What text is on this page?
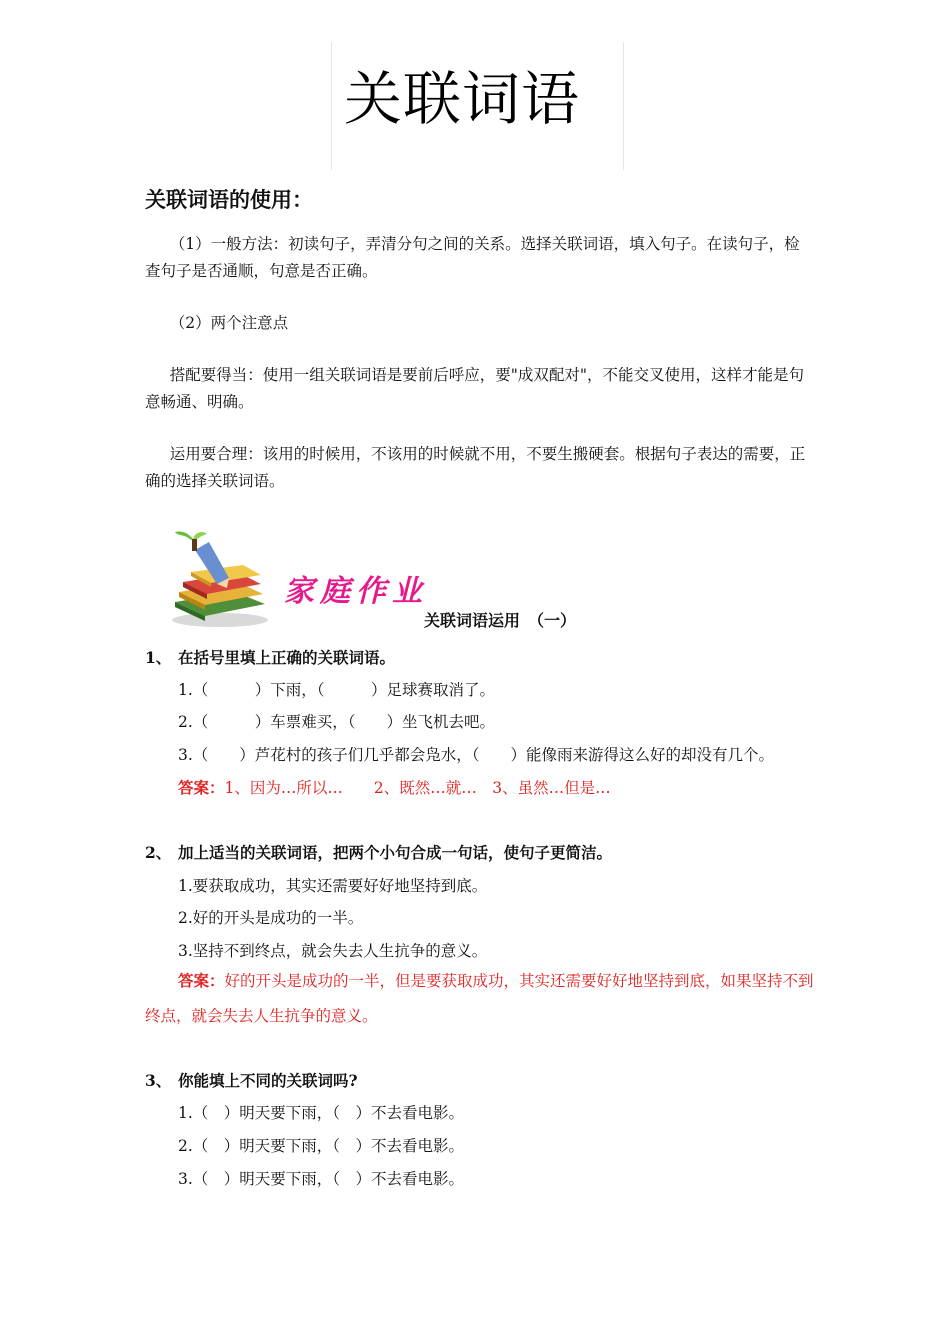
关联词语
关联词语的使用：
（1）一般方法：初读句子，弄清分句之间的关系。选择关联词语，填入句子。在读句子，检查句子是否通顺，句意是否正确。
（2）两个注意点
搭配要得当：使用一组关联词语是要前后呼应，要"成双配对"，不能交叉使用，这样才能是句意畅通、明确。
运用要合理：该用的时候用，不该用的时候就不用，不要生搬硬套。根据句子表达的需要，正确的选择关联词语。
家庭作业
关联词语运用　（一）
1、 在括号里填上正确的关联词语。
1.（　　　）下雨，（　　　）足球赛取消了。
2.（　　　）车票难买，（　　）坐飞机去吧。
3.（　　）芦花村的孩子们几乎都会凫水，（　　）能像雨来游得这么好的却没有几个。
答案：1、因为…所以…　　2、既然…就…　3、虽然…但是…
2、 加上适当的关联词语，把两个小句合成一句话，使句子更简洁。
1.要获取成功，其实还需要好好地坚持到底。
2.好的开头是成功的一半。
3.坚持不到终点，就会失去人生抗争的意义。
答案：好的开头是成功的一半，但是要获取成功，其实还需要好好地坚持到底，如果坚持不到终点，就会失去人生抗争的意义。
3、 你能填上不同的关联词吗?
1.（　）明天要下雨，（　）不去看电影。
2.（　）明天要下雨，（　）不去看电影。
3.（　）明天要下雨，（　）不去看电影。
